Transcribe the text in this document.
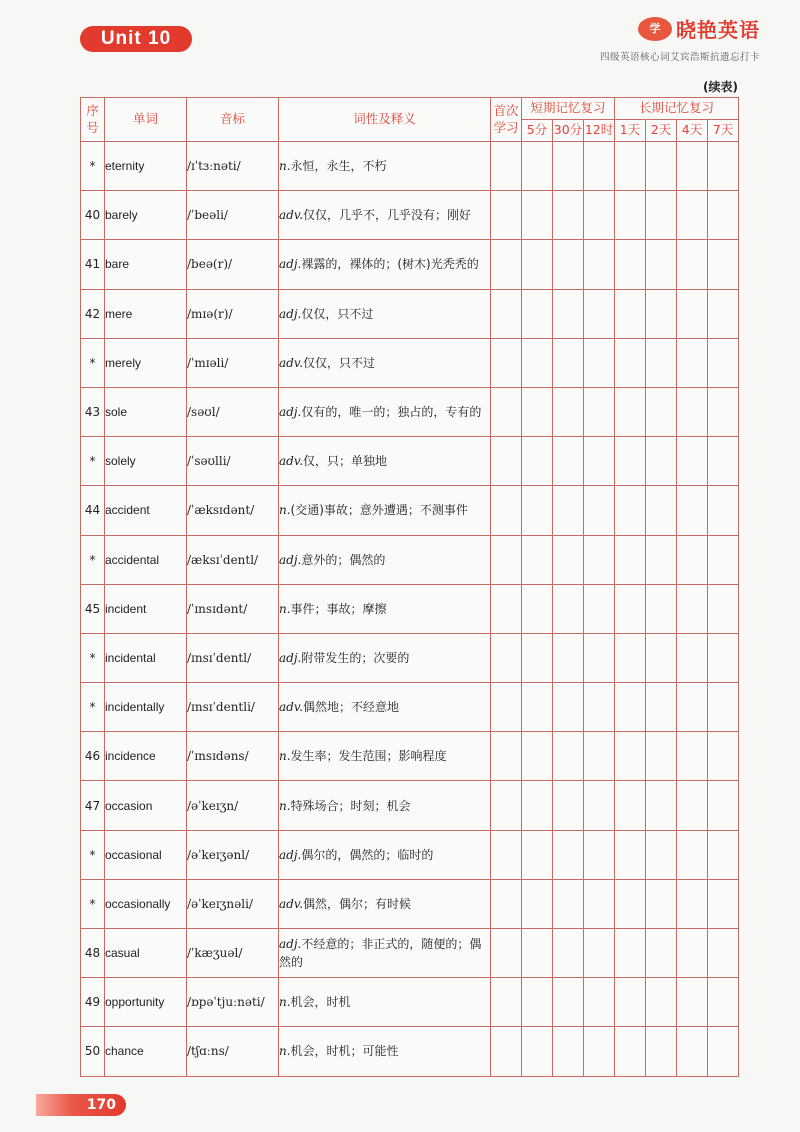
Unit 10	学 晓艳英语
四级英语核心词艾宾浩斯抗遗忘打卡
(续表)
序号	单词	音标	词性及释义	首次学习	短期记忆复习			长期记忆复习			
					5分	30分	12时	1天	2天	4天	7天
*	eternity	/ɪˈtɜːnəti/	n.永恒，永生，不朽								
40	barely	/ˈbeəli/	adv.仅仅，几乎不，几乎没有；刚好								
41	bare	/beə(r)/	adj.裸露的，裸体的；(树木)光秃秃的								
42	mere	/mɪə(r)/	adj.仅仅，只不过								
*	merely	/ˈmɪəli/	adv.仅仅，只不过								
43	sole	/səʊl/	adj.仅有的，唯一的；独占的，专有的								
*	solely	/ˈsəʊlli/	adv.仅，只；单独地								
44	accident	/ˈæksɪdənt/	n.(交通)事故；意外遭遇；不测事件								
*	accidental	/æksɪˈdentl/	adj.意外的；偶然的								
45	incident	/ˈɪnsɪdənt/	n.事件；事故；摩擦								
*	incidental	/ɪnsɪˈdentl/	adj.附带发生的；次要的								
*	incidentally	/ɪnsɪˈdentli/	adv.偶然地；不经意地								
46	incidence	/ˈɪnsɪdəns/	n.发生率；发生范围；影响程度								
47	occasion	/əˈkeɪʒn/	n.特殊场合；时刻；机会								
*	occasional	/əˈkeɪʒənl/	adj.偶尔的，偶然的；临时的								
*	occasionally	/əˈkeɪʒnəli/	adv.偶然，偶尔；有时候								
48	casual	/ˈkæʒuəl/	adj.不经意的；非正式的，随便的；偶然的								
49	opportunity	/ɒpəˈtjuːnəti/	n.机会，时机								
50	chance	/tʃɑːns/	n.机会，时机；可能性								
170
